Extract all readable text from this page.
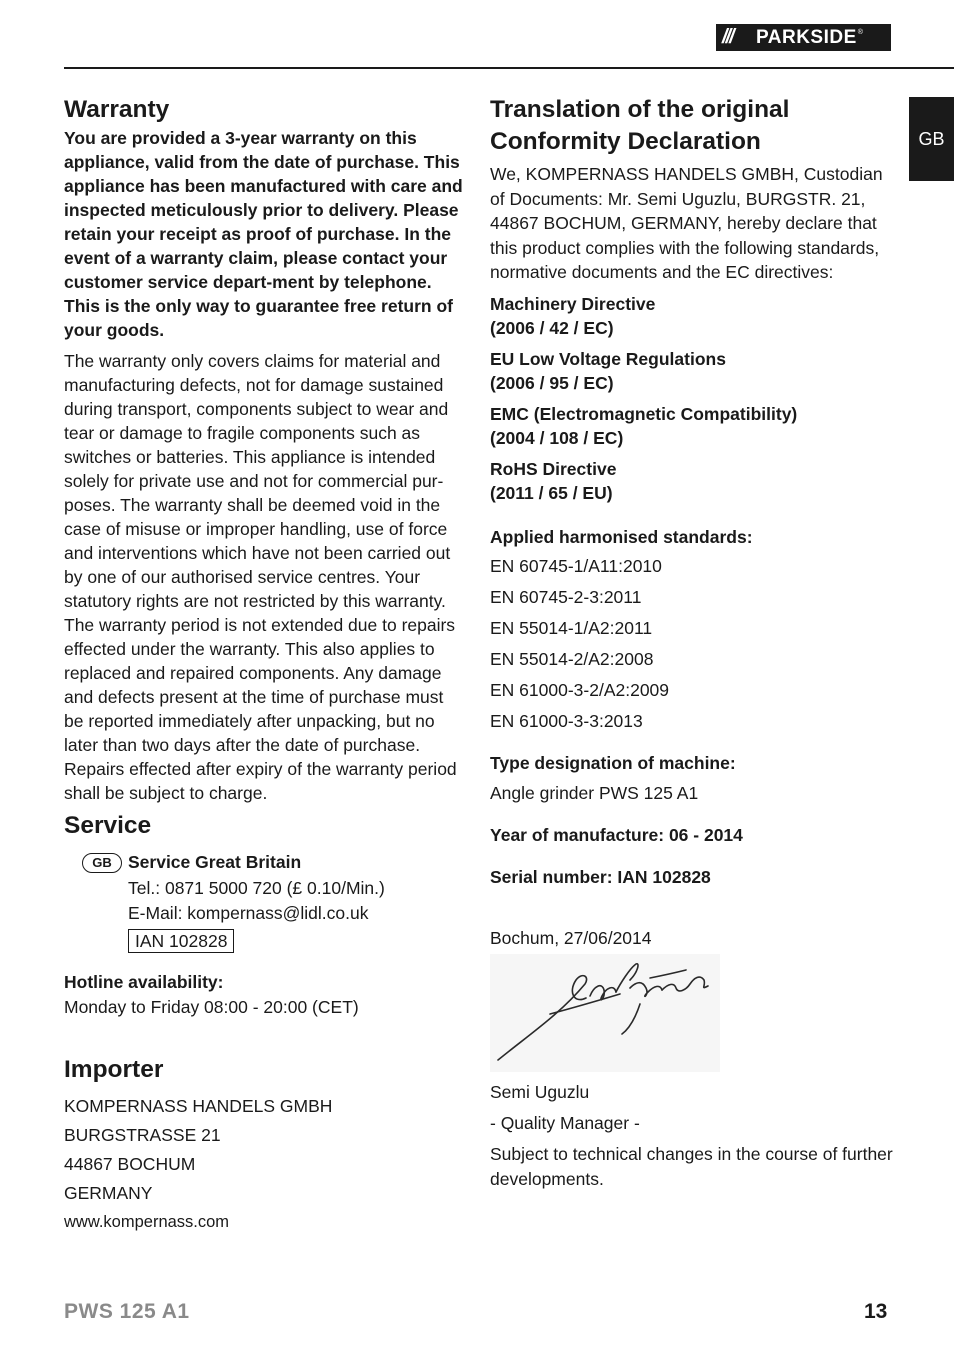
///	PARKSIDE ®
GB
Warranty

You are provided a 3-year warranty on this appliance, valid from the date of purchase. This appliance has been manufactured with care and inspected meticulously prior to delivery. Please retain your receipt as proof of purchase. In the event of a warranty claim, please contact your customer service depart-ment by telephone. This is the only way to guarantee free return of your goods.

The warranty only covers claims for material and manufacturing defects, not for damage sustained during transport, components subject to wear and tear or damage to fragile components such as switches or batteries. This appliance is intended solely for private use and not for commercial pur-poses. The warranty shall be deemed void in the case of misuse or improper handling, use of force and interventions which have not been carried out by one of our authorised service centres. Your statutory rights are not restricted by this warranty. The warranty period is not extended due to repairs effected under the warranty. This also applies to replaced and repaired components. Any damage and defects present at the time of purchase must be reported immediately after unpacking, but no later than two days after the date of purchase. Repairs effected after expiry of the warranty period shall be subject to charge.

Service
GB Service Great Britain
Tel.: 0871 5000 720 (£ 0.10/Min.)
E-Mail: kompernass@lidl.co.uk
IAN 102828
Hotline availability:
Monday to Friday 08:00 - 20:00 (CET)
Importer
KOMPERNASS HANDELS GMBH
BURGSTRASSE 21
44867 BOCHUM
GERMANY
www.kompernass.com
Translation of the original
Conformity Declaration

We, KOMPERNASS HANDELS GMBH, Custodian of Documents: Mr. Semi Uguzlu, BURGSTR. 21, 44867 BOCHUM, GERMANY, hereby declare that this product complies with the following standards, normative documents and the EC directives:

Machinery Directive
(2006 / 42 / EC)
EU Low Voltage Regulations
(2006 / 95 / EC)
EMC (Electromagnetic Compatibility)
(2004 / 108 / EC)
RoHS Directive
(2011 / 65 / EU)
Applied harmonised standards:
EN 60745-1/A11:2010
EN 60745-2-3:2011
EN 55014-1/A2:2011
EN 55014-2/A2:2008
EN 61000-3-2/A2:2009
EN 61000-3-3:2013
Type designation of machine:
Angle grinder PWS 125 A1
Year of manufacture: 06 - 2014
Serial number: IAN 102828
Bochum, 27/06/2014
Semi Uguzlu
- Quality Manager -

Subject to technical changes in the course of further developments.

PWS 125 A1	13
